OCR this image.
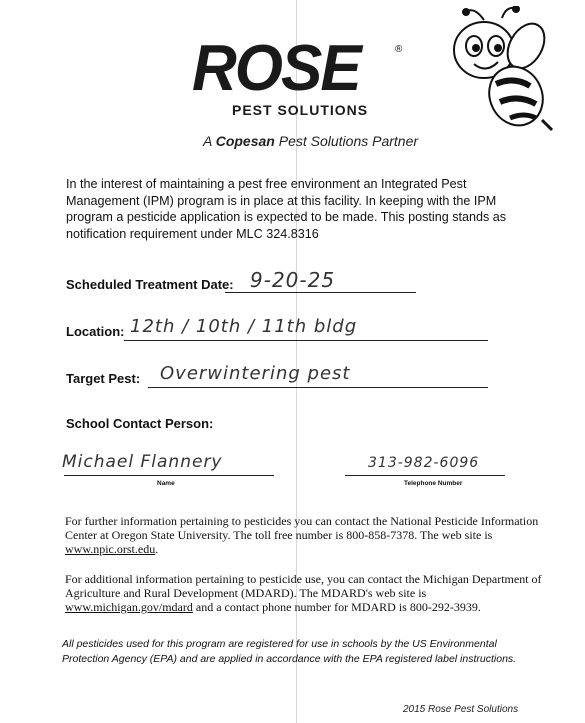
ROSE	®
PEST SOLUTIONS
A Copesan Pest Solutions Partner
In the interest of maintaining a pest free environment an Integrated Pest Management (IPM) program is in place at this facility. In keeping with the IPM program a pesticide application is expected to be made. This posting stands as notification requirement under MLC 324.8316
Scheduled Treatment Date: 9-20-25
Location: 12th / 10th / 11th bldg
Target Pest: Overwintering pest
School Contact Person:
Michael Flannery
Name
313-982-6096
Telephone Number
For further information pertaining to pesticides you can contact the National Pesticide Information Center at Oregon State University. The toll free number is 800-858-7378. The web site is www.npic.orst.edu.
For additional information pertaining to pesticide use, you can contact the Michigan Department of Agriculture and Rural Development (MDARD). The MDARD's web site is www.michigan.gov/mdard and a contact phone number for MDARD is 800-292-3939.
All pesticides used for this program are registered for use in schools by the US Environmental Protection Agency (EPA) and are applied in accordance with the EPA registered label instructions.
2015 Rose Pest Solutions
